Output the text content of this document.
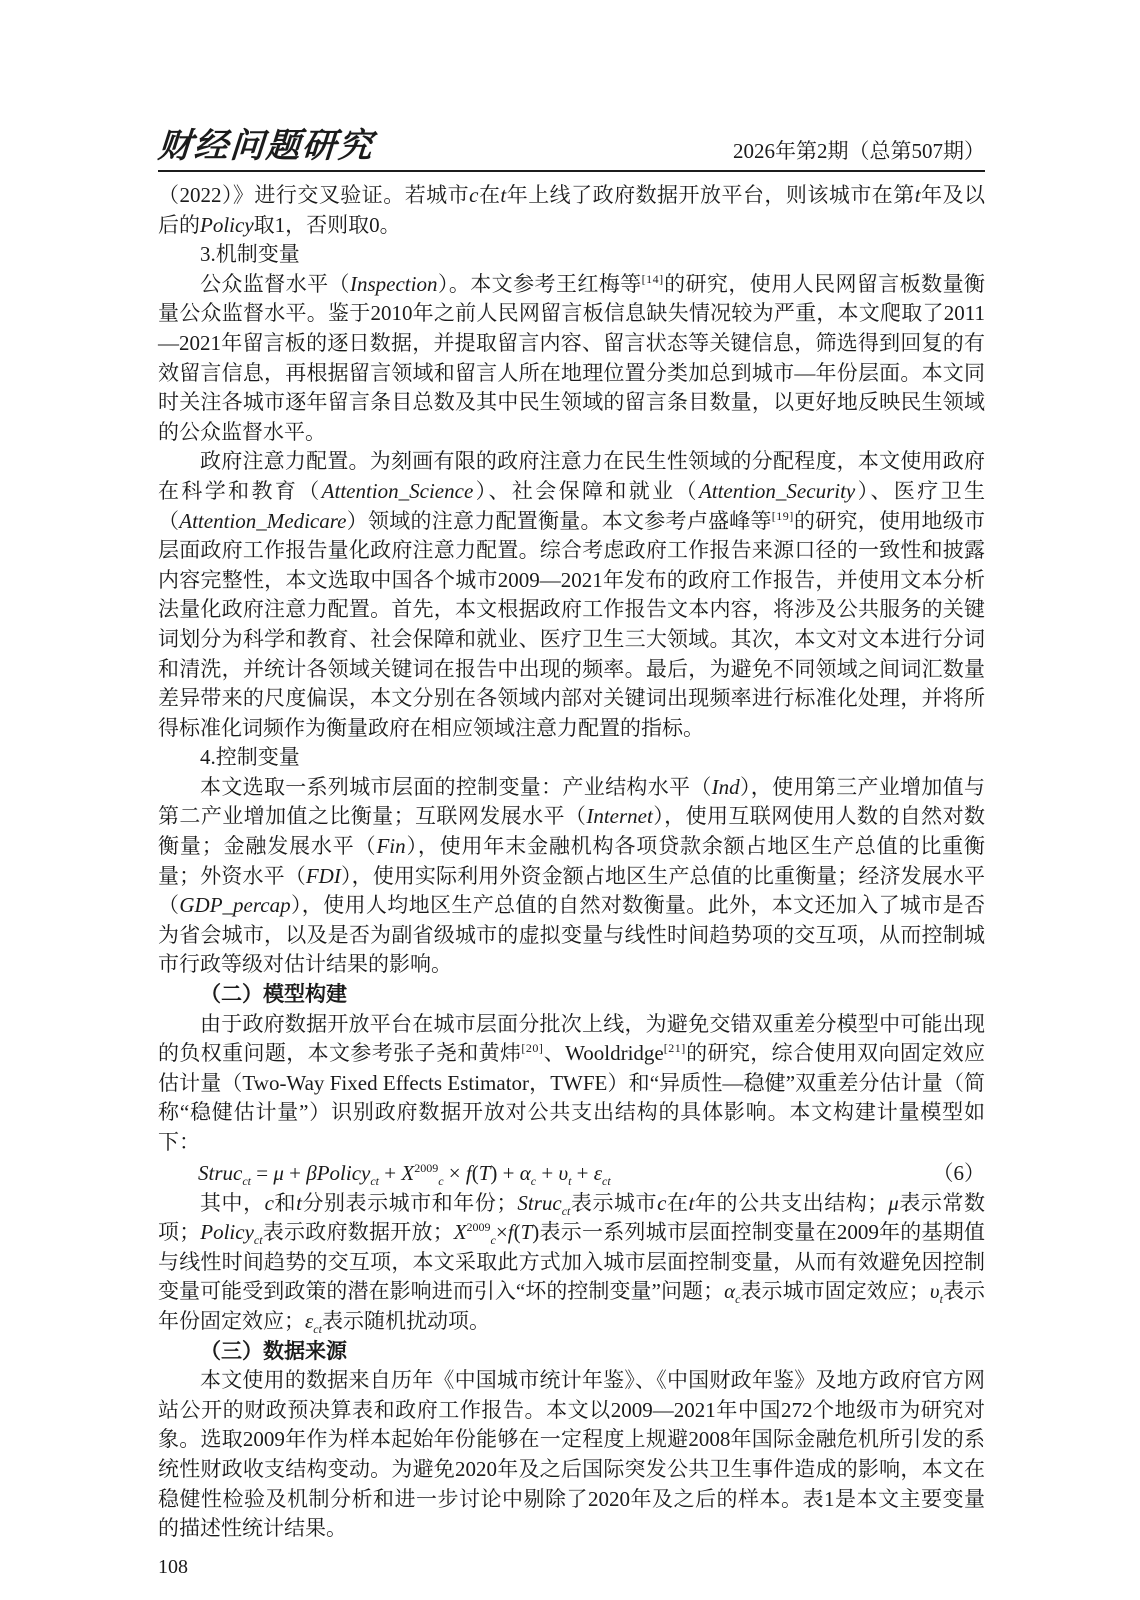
财经问题研究	2026年第2期（总第507期）

（2022）》进行交叉验证。若城市c在t年上线了政府数据开放平台，则该城市在第t年及以后的Policy取1，否则取0。

3.机制变量

公众监督水平（Inspection）。本文参考王红梅等[14]的研究，使用人民网留言板数量衡量公众监督水平。鉴于2010年之前人民网留言板信息缺失情况较为严重，本文爬取了2011—2021年留言板的逐日数据，并提取留言内容、留言状态等关键信息，筛选得到回复的有效留言信息，再根据留言领域和留言人所在地理位置分类加总到城市—年份层面。本文同时关注各城市逐年留言条目总数及其中民生领域的留言条目数量，以更好地反映民生领域的公众监督水平。

政府注意力配置。为刻画有限的政府注意力在民生性领域的分配程度，本文使用政府在科学和教育（Attention_Science）、社会保障和就业（Attention_Security）、医疗卫生（Attention_Medicare）领域的注意力配置衡量。本文参考卢盛峰等[19]的研究，使用地级市层面政府工作报告量化政府注意力配置。综合考虑政府工作报告来源口径的一致性和披露内容完整性，本文选取中国各个城市2009—2021年发布的政府工作报告，并使用文本分析法量化政府注意力配置。首先，本文根据政府工作报告文本内容，将涉及公共服务的关键词划分为科学和教育、社会保障和就业、医疗卫生三大领域。其次，本文对文本进行分词和清洗，并统计各领域关键词在报告中出现的频率。最后，为避免不同领域之间词汇数量差异带来的尺度偏误，本文分别在各领域内部对关键词出现频率进行标准化处理，并将所得标准化词频作为衡量政府在相应领域注意力配置的指标。

4.控制变量

本文选取一系列城市层面的控制变量：产业结构水平（Ind），使用第三产业增加值与第二产业增加值之比衡量；互联网发展水平（Internet），使用互联网使用人数的自然对数衡量；金融发展水平（Fin），使用年末金融机构各项贷款余额占地区生产总值的比重衡量；外资水平（FDI），使用实际利用外资金额占地区生产总值的比重衡量；经济发展水平（GDP_percap），使用人均地区生产总值的自然对数衡量。此外，本文还加入了城市是否为省会城市，以及是否为副省级城市的虚拟变量与线性时间趋势项的交互项，从而控制城市行政等级对估计结果的影响。

（二）模型构建

由于政府数据开放平台在城市层面分批次上线，为避免交错双重差分模型中可能出现的负权重问题，本文参考张子尧和黄炜[20]、Wooldridge[21]的研究，综合使用双向固定效应估计量（Two-Way Fixed Effects Estimator，TWFE）和“异质性—稳健”双重差分估计量（简称“稳健估计量”）识别政府数据开放对公共支出结构的具体影响。本文构建计量模型如下：

Struc$_{ct}$ = μ + βPolicy$_{ct}$ + $X^{2009}_c \times f(T) + \alpha_c + \upsilon_t + \varepsilon_{ct}$	（6）

其中，c和t分别表示城市和年份；Struc$_{ct}$表示城市c在t年的公共支出结构；μ表示常数项；Policy$_{ct}$表示政府数据开放；$X^{2009}_c\times f(T)$表示一系列城市层面控制变量在2009年的基期值与线性时间趋势的交互项，本文采取此方式加入城市层面控制变量，从而有效避免因控制变量可能受到政策的潜在影响进而引入“坏的控制变量”问题；$\alpha_c$表示城市固定效应；$\upsilon_t$表示年份固定效应；$\varepsilon_{ct}$表示随机扰动项。

（三）数据来源

本文使用的数据来自历年《中国城市统计年鉴》、《中国财政年鉴》及地方政府官方网站公开的财政预决算表和政府工作报告。本文以2009—2021年中国272个地级市为研究对象。选取2009年作为样本起始年份能够在一定程度上规避2008年国际金融危机所引发的系统性财政收支结构变动。为避免2020年及之后国际突发公共卫生事件造成的影响，本文在稳健性检验及机制分析和进一步讨论中剔除了2020年及之后的样本。表1是本文主要变量的描述性统计结果。

108
